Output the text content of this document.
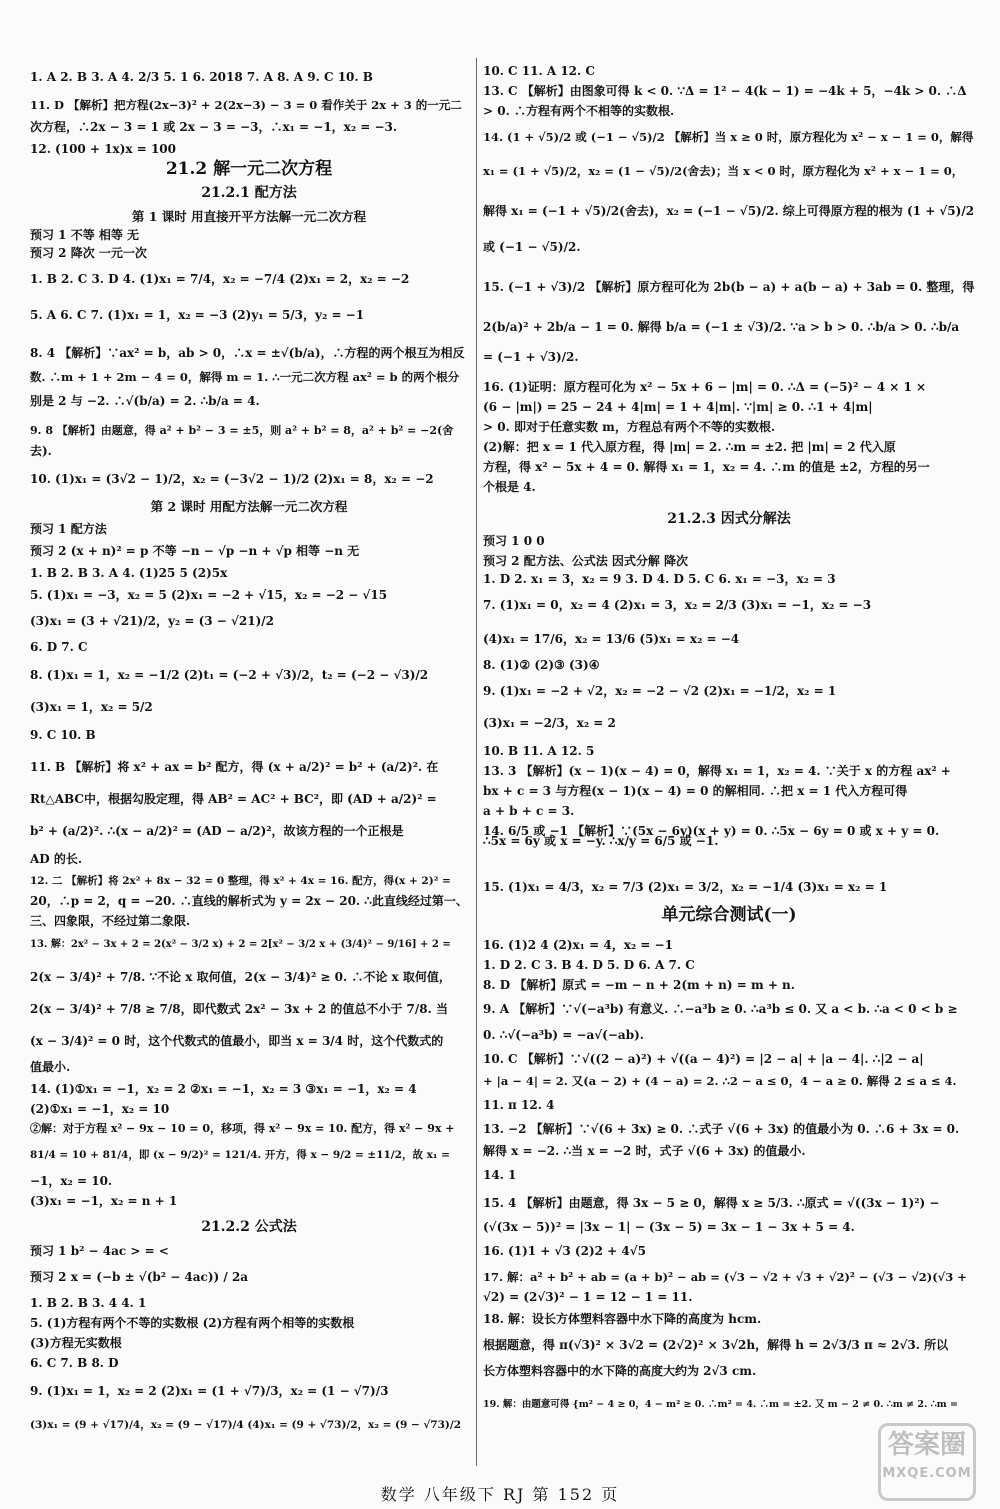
1. A 2. B 3. A 4. 2/3 5. 1 6. 2018 7. A 8. A 9. C 10. B
11. D 【解析】把方程(2x−3)² + 2(2x−3) − 3 = 0 看作关于 2x + 3 的一元二
次方程，∴2x − 3 = 1 或 2x − 3 = −3，∴x₁ = −1，x₂ = −3.
12. (100 + 1x)x = 100
21.2 解一元二次方程
21.2.1 配方法
第 1 课时 用直接开平方法解一元二次方程
预习 1 不等 相等 无
预习 2 降次 一元一次
1. B 2. C 3. D 4. (1)x₁ = 7/4，x₂ = −7/4 (2)x₁ = 2，x₂ = −2
5. A 6. C 7. (1)x₁ = 1，x₂ = −3 (2)y₁ = 5/3，y₂ = −1
8. 4 【解析】∵ax² = b，ab > 0，∴x = ±√(b/a)，∴方程的两个根互为相反
数. ∴m + 1 + 2m − 4 = 0，解得 m = 1. ∴一元二次方程 ax² = b 的两个根分
别是 2 与 −2. ∴√(b/a) = 2. ∴b/a = 4.
9. 8 【解析】由题意，得 a² + b² − 3 = ±5，则 a² + b² = 8，a² + b² = −2(舍
去).
10. (1)x₁ = (3√2 − 1)/2，x₂ = (−3√2 − 1)/2 (2)x₁ = 8，x₂ = −2
第 2 课时 用配方法解一元二次方程
预习 1 配方法
预习 2 (x + n)² = p 不等 −n − √p −n + √p 相等 −n 无
1. B 2. B 3. A 4. (1)25 5 (2)5x
5. (1)x₁ = −3，x₂ = 5 (2)x₁ = −2 + √15，x₂ = −2 − √15
(3)x₁ = (3 + √21)/2，y₂ = (3 − √21)/2
6. D 7. C
8. (1)x₁ = 1，x₂ = −1/2 (2)t₁ = (−2 + √3)/2，t₂ = (−2 − √3)/2
(3)x₁ = 1，x₂ = 5/2
9. C 10. B
11. B 【解析】将 x² + ax = b² 配方，得 (x + a/2)² = b² + (a/2)². 在
Rt△ABC中，根据勾股定理，得 AB² = AC² + BC²，即 (AD + a/2)² =
b² + (a/2)². ∴(x − a/2)² = (AD − a/2)²，故该方程的一个正根是
AD 的长.
12. 二 【解析】将 2x² + 8x − 32 = 0 整理，得 x² + 4x = 16. 配方，得(x + 2)² =
20，∴p = 2，q = −20. ∴直线的解析式为 y = 2x − 20. ∴此直线经过第一、
三、四象限，不经过第二象限.
13. 解：2x² − 3x + 2 = 2(x² − 3/2 x) + 2 = 2[x² − 3/2 x + (3/4)² − 9/16] + 2 =
2(x − 3/4)² + 7/8. ∵不论 x 取何值，2(x − 3/4)² ≥ 0. ∴不论 x 取何值，
2(x − 3/4)² + 7/8 ≥ 7/8，即代数式 2x² − 3x + 2 的值总不小于 7/8. 当
(x − 3/4)² = 0 时，这个代数式的值最小，即当 x = 3/4 时，这个代数式的
值最小.
14. (1)①x₁ = −1，x₂ = 2 ②x₁ = −1，x₂ = 3 ③x₁ = −1，x₂ = 4
(2)①x₁ = −1，x₂ = 10
②解：对于方程 x² − 9x − 10 = 0，移项，得 x² − 9x = 10. 配方，得 x² − 9x +
81/4 = 10 + 81/4，即 (x − 9/2)² = 121/4. 开方，得 x − 9/2 = ±11/2，故 x₁ =
−1，x₂ = 10.
(3)x₁ = −1，x₂ = n + 1
21.2.2 公式法
预习 1 b² − 4ac > = <
预习 2 x = (−b ± √(b² − 4ac)) / 2a
1. B 2. B 3. 4 4. 1
5. (1)方程有两个不等的实数根 (2)方程有两个相等的实数根
(3)方程无实数根
6. C 7. B 8. D
9. (1)x₁ = 1，x₂ = 2 (2)x₁ = (1 + √7)/3，x₂ = (1 − √7)/3
(3)x₁ = (9 + √17)/4，x₂ = (9 − √17)/4 (4)x₁ = (9 + √73)/2，x₂ = (9 − √73)/2
10. C 11. A 12. C
13. C 【解析】由图象可得 k < 0. ∵Δ = 1² − 4(k − 1) = −4k + 5，−4k > 0. ∴Δ
> 0. ∴方程有两个不相等的实数根.
14. (1 + √5)/2 或 (−1 − √5)/2 【解析】当 x ≥ 0 时，原方程化为 x² − x − 1 = 0，解得
x₁ = (1 + √5)/2，x₂ = (1 − √5)/2(舍去)；当 x < 0 时，原方程化为 x² + x − 1 = 0，
解得 x₁ = (−1 + √5)/2(舍去)，x₂ = (−1 − √5)/2. 综上可得原方程的根为 (1 + √5)/2
或 (−1 − √5)/2.
15. (−1 + √3)/2 【解析】原方程可化为 2b(b − a) + a(b − a) + 3ab = 0. 整理，得
2(b/a)² + 2b/a − 1 = 0. 解得 b/a = (−1 ± √3)/2. ∵a > b > 0. ∴b/a > 0. ∴b/a
= (−1 + √3)/2.
16. (1)证明：原方程可化为 x² − 5x + 6 − |m| = 0. ∴Δ = (−5)² − 4 × 1 ×
(6 − |m|) = 25 − 24 + 4|m| = 1 + 4|m|. ∵|m| ≥ 0. ∴1 + 4|m|
> 0. 即对于任意实数 m，方程总有两个不等的实数根.
(2)解：把 x = 1 代入原方程，得 |m| = 2. ∴m = ±2. 把 |m| = 2 代入原
方程，得 x² − 5x + 4 = 0. 解得 x₁ = 1，x₂ = 4. ∴m 的值是 ±2，方程的另一
个根是 4.
21.2.3 因式分解法
预习 1 0 0
预习 2 配方法、公式法 因式分解 降次
1. D 2. x₁ = 3，x₂ = 9 3. D 4. D 5. C 6. x₁ = −3，x₂ = 3
7. (1)x₁ = 0，x₂ = 4 (2)x₁ = 3，x₂ = 2/3 (3)x₁ = −1，x₂ = −3
(4)x₁ = 17/6，x₂ = 13/6 (5)x₁ = x₂ = −4
8. (1)② (2)③ (3)④
9. (1)x₁ = −2 + √2，x₂ = −2 − √2 (2)x₁ = −1/2，x₂ = 1
(3)x₁ = −2/3，x₂ = 2
10. B 11. A 12. 5
13. 3 【解析】(x − 1)(x − 4) = 0，解得 x₁ = 1，x₂ = 4. ∵关于 x 的方程 ax² +
bx + c = 3 与方程(x − 1)(x − 4) = 0 的解相同. ∴把 x = 1 代入方程可得
a + b + c = 3.
14. 6/5 或 −1 【解析】∵(5x − 6y)(x + y) = 0. ∴5x − 6y = 0 或 x + y = 0.
∴5x = 6y 或 x = −y. ∴x/y = 6/5 或 −1.
15. (1)x₁ = 4/3，x₂ = 7/3 (2)x₁ = 3/2，x₂ = −1/4 (3)x₁ = x₂ = 1
单元综合测试(一)
16. (1)2 4 (2)x₁ = 4，x₂ = −1
1. D 2. C 3. B 4. D 5. D 6. A 7. C
8. D 【解析】原式 = −m − n + 2(m + n) = m + n.
9. A 【解析】∵√(−a³b) 有意义. ∴−a³b ≥ 0. ∴a³b ≤ 0. 又 a < b. ∴a < 0 < b ≥
0. ∴√(−a³b) = −a√(−ab).
10. C 【解析】∵√((2 − a)²) + √((a − 4)²) = |2 − a| + |a − 4|. ∴|2 − a|
+ |a − 4| = 2. 又(a − 2) + (4 − a) = 2. ∴2 − a ≤ 0，4 − a ≥ 0. 解得 2 ≤ a ≤ 4.
11. π 12. 4
13. −2 【解析】∵√(6 + 3x) ≥ 0. ∴式子 √(6 + 3x) 的值最小为 0. ∴6 + 3x = 0.
解得 x = −2. ∴当 x = −2 时，式子 √(6 + 3x) 的值最小.
14. 1
15. 4 【解析】由题意，得 3x − 5 ≥ 0，解得 x ≥ 5/3. ∴原式 = √((3x − 1)²) −
(√(3x − 5))² = |3x − 1| − (3x − 5) = 3x − 1 − 3x + 5 = 4.
16. (1)1 + √3 (2)2 + 4√5
17. 解：a² + b² + ab = (a + b)² − ab = (√3 − √2 + √3 + √2)² − (√3 − √2)(√3 +
√2) = (2√3)² − 1 = 12 − 1 = 11.
18. 解：设长方体塑料容器中水下降的高度为 hcm.
根据题意，得 π(√3)² × 3√2 = (2√2)² × 3√2h，解得 h = 2√3/3 π ≈ 2√3. 所以
长方体塑料容器中的水下降的高度大约为 2√3 cm.
19. 解：由题意可得 {m² − 4 ≥ 0，4 − m² ≥ 0. ∴m² = 4. ∴m = ±2. 又 m − 2 ≠ 0. ∴m ≠ 2. ∴m =
数学 八年级下 RJ 第 152 页
答案圈
MXQE.COM
